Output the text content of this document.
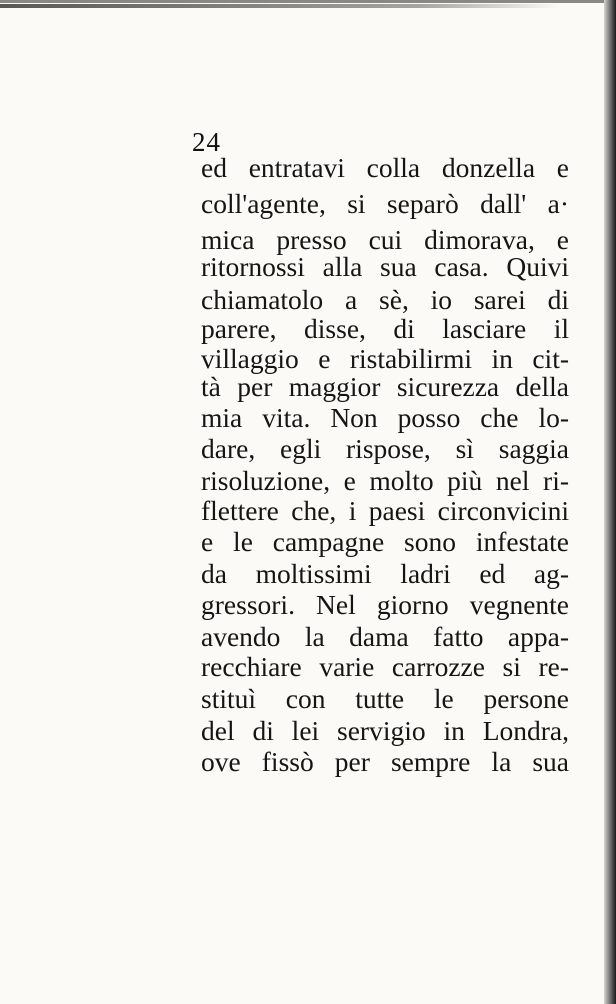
24
ed entratavi colla donzella e
coll'agente, si separò dall' a·
mica presso cui dimorava, e
ritornossi alla sua casa. Quivi
chiamatolo a sè, io sarei di
parere, disse, di lasciare il
villaggio e ristabilirmi in cit-
tà per maggior sicurezza della
mia vita. Non posso che lo-
dare, egli rispose, sì saggia
risoluzione, e molto più nel ri-
flettere che, i paesi circonvicini
e le campagne sono infestate
da moltissimi ladri ed ag-
gressori. Nel giorno vegnente
avendo la dama fatto appa-
recchiare varie carrozze si re-
stituì con tutte le persone
del di lei servigio in Londra,
ove fissò per sempre la sua
